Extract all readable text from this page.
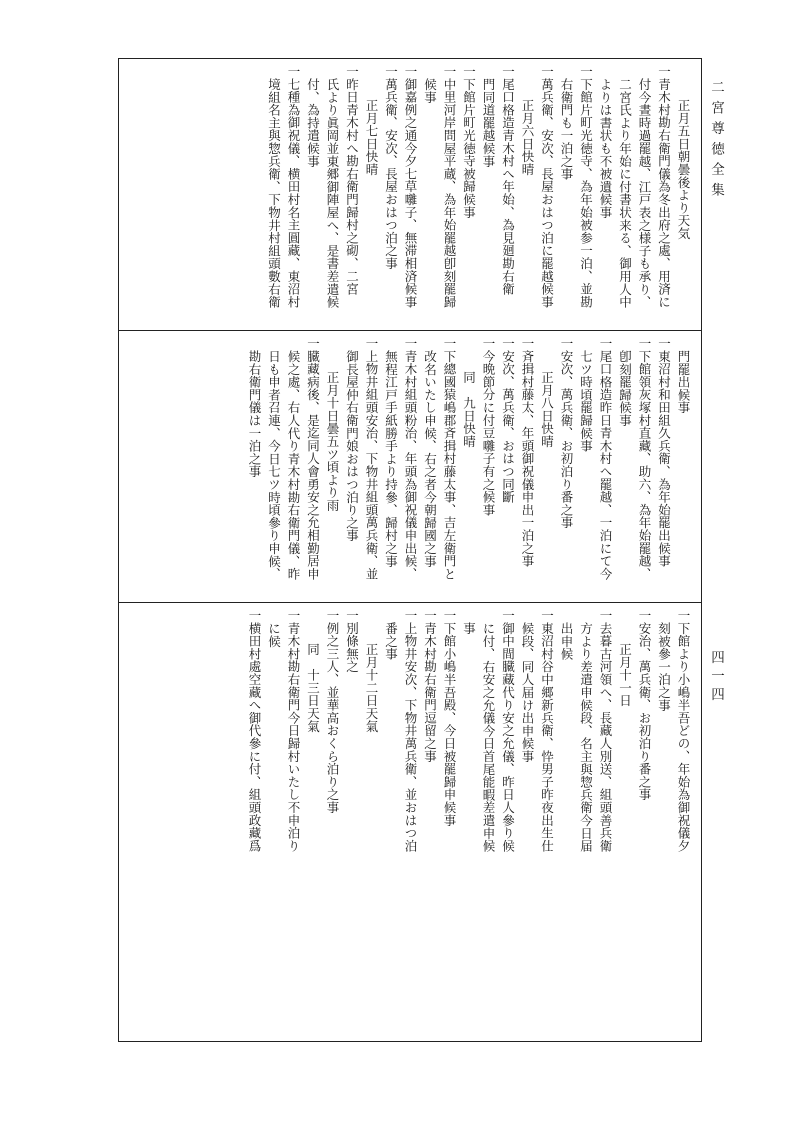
二宮尊徳全集
四一四
正月五日朝曇後より天気
一青木村勘右衛門儀為冬出府之處、用済に
付今晝時過罷越、江戸表之様子も承り、
二宮氏より年始に付書状来る、御用人中
よりは書状も不被遺候事
一下館片町光徳寺、為年始被参一泊、並勘
右衛門も一泊之事
一萬兵衛、安次、長屋おはつ泊に罷越候事
正月六日快晴
一尾口格造青木村へ年始、為見廻勘右衛
門同道罷越候事
一下館片町光徳寺被歸候事
一中里河岸問屋平蔵、為年始罷越卽刻罷歸
候事
一御嘉例之通今夕七草囃子、無滞相済候事
一萬兵衛、安次、長屋おはつ泊之事
正月七日快晴
一昨日青木村へ勘右衛門歸村之砌、二宮
氏より眞岡並東郷御陣屋へ、是書差遣候
付、為持遣候事
一七種為御祝儀、横田村名主圓藏、東沼村
境組名主與惣兵衛、下物井村組頭數右衛
門罷出候事
一東沼村和田組久兵衛、為年始罷出候事
一下館領灰塚村直藏、助六、為年始罷越、
卽刻罷歸候事
一尾口格造昨日青木村へ罷越、一泊にて今
七ツ時頃罷歸候事
一安次、萬兵衛、お初泊り番之事
正月八日快晴
一斉揖村藤太、年頭御祝儀申出一泊之事
一安次、萬兵衛、おはつ同斷
一今晩節分に付豆囃子有之候事
同　九日快晴
一下總國猿嶋郡斉揖村藤太事、吉左衛門と
改名いたし申候、右之者今朝歸國之事
一青木村組頭粉治、年頭為御祝儀申出候、
無程江戸手紙勝手より持參、歸村之事
一上物井組頭安治、下物井組頭萬兵衛、並
御長屋仲右衛門娘おはつ泊り之事
正月十日曇五ツ頃より雨
一臓藏病後、是迄同人會勇安之允相勤居申
候之處、右人代り青木村勘右衛門儀、昨
日も申者召連、今日七ツ時頃參り申候、
勘右衛門儀は一泊之事
一下館より小嶋半吾どの、年始為御祝儀夕
刻被參一泊之事
一安治、萬兵衛、お初泊り番之事
正月十一日
一去暮古河領へ、長藏人別送、組頭善兵衛
方より差遣申候段、名主與惣兵衛今日届
出申候
一東沼村谷中郷新兵衛、忰男子昨夜出生仕
候段、同人届け出申候事
一御中間臓藏代り安之允儀、昨日人參り候
に付、右安之允儀今日首尾能暇差遣申候
事
一下館小嶋半吾殿、今日被罷歸申候事
一青木村勘右衛門逗留之事
一上物井安次、下物井萬兵衛、並おはつ泊
番之事
正月十二日天氣
一別條無之
一例之三人、並華高おくら泊り之事
同　十三日天氣
一青木村勘右衛門今日歸村いたし不申泊り
に候
一横田村處空藏へ御代參に付、組頭政藏爲
